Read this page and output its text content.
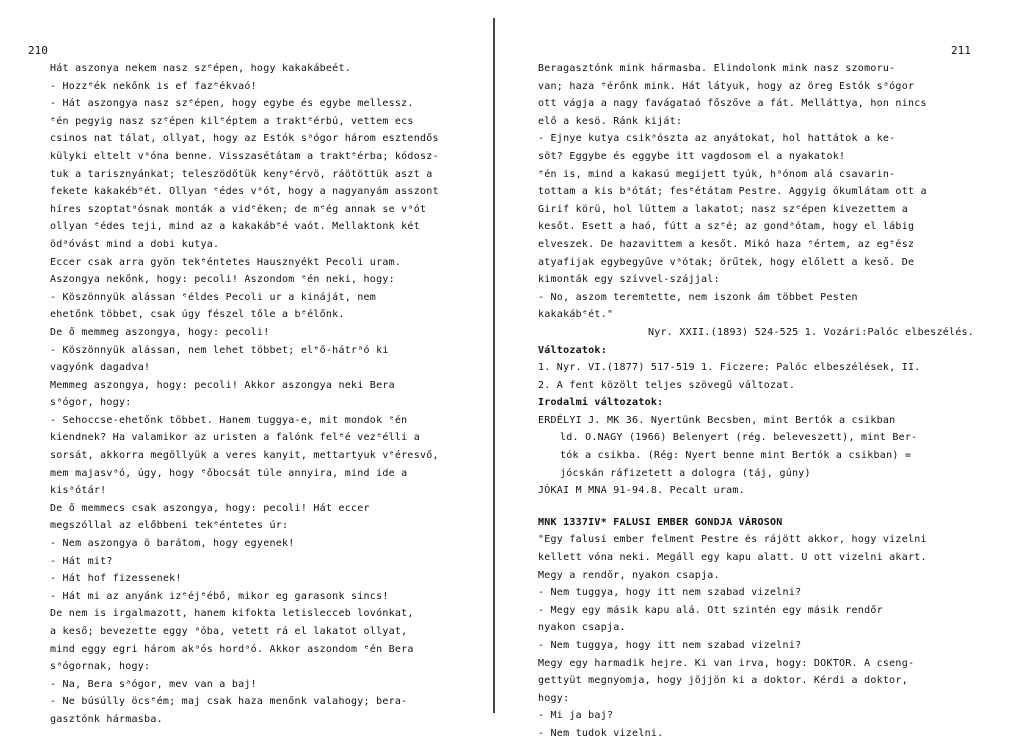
210
Hát aszonya nekem nasz szᵉépen, hogy kakakábeét.
- Hozzᵉék nekőnk is ef fazᵉékvaó!
- Hát aszongya nasz szᵉépen, hogy egybe és egybe mellessz.
ᵉén pegyig nasz szᵉépen kilᵉéptem a traktᵉérbú, vettem ecs
csinos nat tálat, ollyat, hogy az Estók sᵃógor három esztendős
külyki eltelt vᵃóna benne. Visszasétátam a traktᵉérba; kódosz-
tuk a tarisznyánkat; teleszödőtük kenyᵉérvö, ráötöttük aszt a
fekete kakakébᵉét. Ollyan ᵉédes vᵃót, hogy a nagyanyám asszont
híres szoptatᵃósnak monták a vidᵉéken; de mᵉég annak se vᵃót
ollyan ᵉédes teji, mind az a kakakábᵉé vaót. Mellaktonk két
ödᵃóvást mind a dobi kutya.
Eccer csak arra gyön tekᵉéntetes Hausznyékt Pecoli uram.
Aszongya nekőnk, hogy: pecoli! Aszondom ᵉén neki, hogy:
- Köszönnyük alássan ᵉéldes Pecoli ur a kináját, nem
ehetőnk többet, csak úgy fészel tőle a bᵉélőnk.
De ő memmeg aszongya, hogy: pecoli!
- Köszönnyük alássan, nem lehet többet; elᵉő-hátrᵃó ki
vagyónk dagadva!
Memmeg aszongya, hogy: pecoli! Akkor aszongya neki Bera
sᵃógor, hogy:
- Sehoccse-ehetőnk többet. Hanem tuggya-e, mit mondok ᵉén
kiendnek? Ha valamikor az uristen a falónk felᵉé vezᵉélli a
sorsát, akkorra megöllyük a veres kanyit, mettartyuk vᵉéresvő,
mem majasvᵃó, úgy, hogy ᵉőbocsát túle annyira, mind ide a
kisᵃótár!
De ő memmecs csak aszongya, hogy: pecoli! Hát eccer
megszóllal az előbbeni tekᵉéntetes úr:
- Nem aszongya ö barátom, hogy egyenek!
- Hát mit?
- Hát hof fizessenek!
- Hát mi az anyánk izᵉéjᵉébő, mikor eg garasonk sincs!
De nem is irgalmazott, hanem kifokta letislecceb lovónkat,
a keső; bevezette eggy ᵃóba, vetett rá el lakatot ollyat,
mind eggy egri három akᵃós hordᵃó. Akkor aszondom ᵉén Bera
sᵃógornak, hogy:
- Na, Bera sᵃógor, mev van a baj!
- Ne búsúlly öcsᵉém; maj csak haza menőnk valahogy; bera-
gasztónk hármasba.
211
Beragasztónk mink hármasba. Elindolonk mink nasz szomoru-
van; haza ᵉérőnk mink. Hát látyuk, hogy az öreg Estók sᵃógor
ott vágja a nagy favágataó főszőve a fát. Melláttya, hon nincs
elő a kesö. Ránk kiját:
- Ejnye kutya csikᵃószta az anyátokat, hol hattátok a ke-
söt? Eggybe és eggybe itt vagdosom el a nyakatok!
ᵉén is, mind a kakasú megijett tyúk, hᵃónom alá csavarin-
tottam a kis bᵃótát; fesᵉétátam Pestre. Aggyig ókumlátam ott a
Girif körü, hol lüttem a lakatot; nasz szᵉépen kivezettem a
kesőt. Esett a haó, fútt a szᵉé; az gondᵃótam, hogy el lábig
elveszek. De hazavittem a kesőt. Mikó haza ᵉértem, az egᵉész
atyafijak egybegyűve vᵃótak; örűtek, hogy előlett a keső. De
kimonták egy szívvel-szájjal:
- No, aszom teremtette, nem iszonk ám többet Pesten
kakakábᵉét."
Nyr. XXII.(1893) 524-525 1. Vozári:Palóc elbeszélés.
Változatok:
1. Nyr. VI.(1877) 517-519 1. Ficzere: Palóc elbeszélések, II.
2. A fent közölt teljes szövegű változat.
Irodalmi változatok:
ERDÉLYI J. MK 36. Nyertünk Becsben, mint Bertók a csikban
ld. O.NAGY (1966) Belenyert (rég. beleveszett), mint Ber-
tók a csikba. (Rég: Nyert benne mint Bertók a csikban) =
jócskán ráfizetett a dologra (táj, gúny)
JÓKAI M MNA 91-94.8. Pecalt uram.
MNK 1337IV* FALUSI EMBER GONDJA VÁROSON
"Egy falusi ember felment Pestre és rájött akkor, hogy vizelni
kellett vóna neki. Megáll egy kapu alatt. U ott vizelni akart.
Megy a rendőr, nyakon csapja.
- Nem tuggya, hogy itt nem szabad vizelni?
- Megy egy másik kapu alá. Ott szintén egy másik rendőr
nyakon csapja.
- Nem tuggya, hogy itt nem szabad vizelni?
Megy egy harmadik hejre. Ki van irva, hogy: DOKTOR. A cseng-
gettyüt megnyomja, hogy jöjjön ki a doktor. Kérdi a doktor,
hogy:
- Mi ja baj?
- Nem tudok vizelni.
